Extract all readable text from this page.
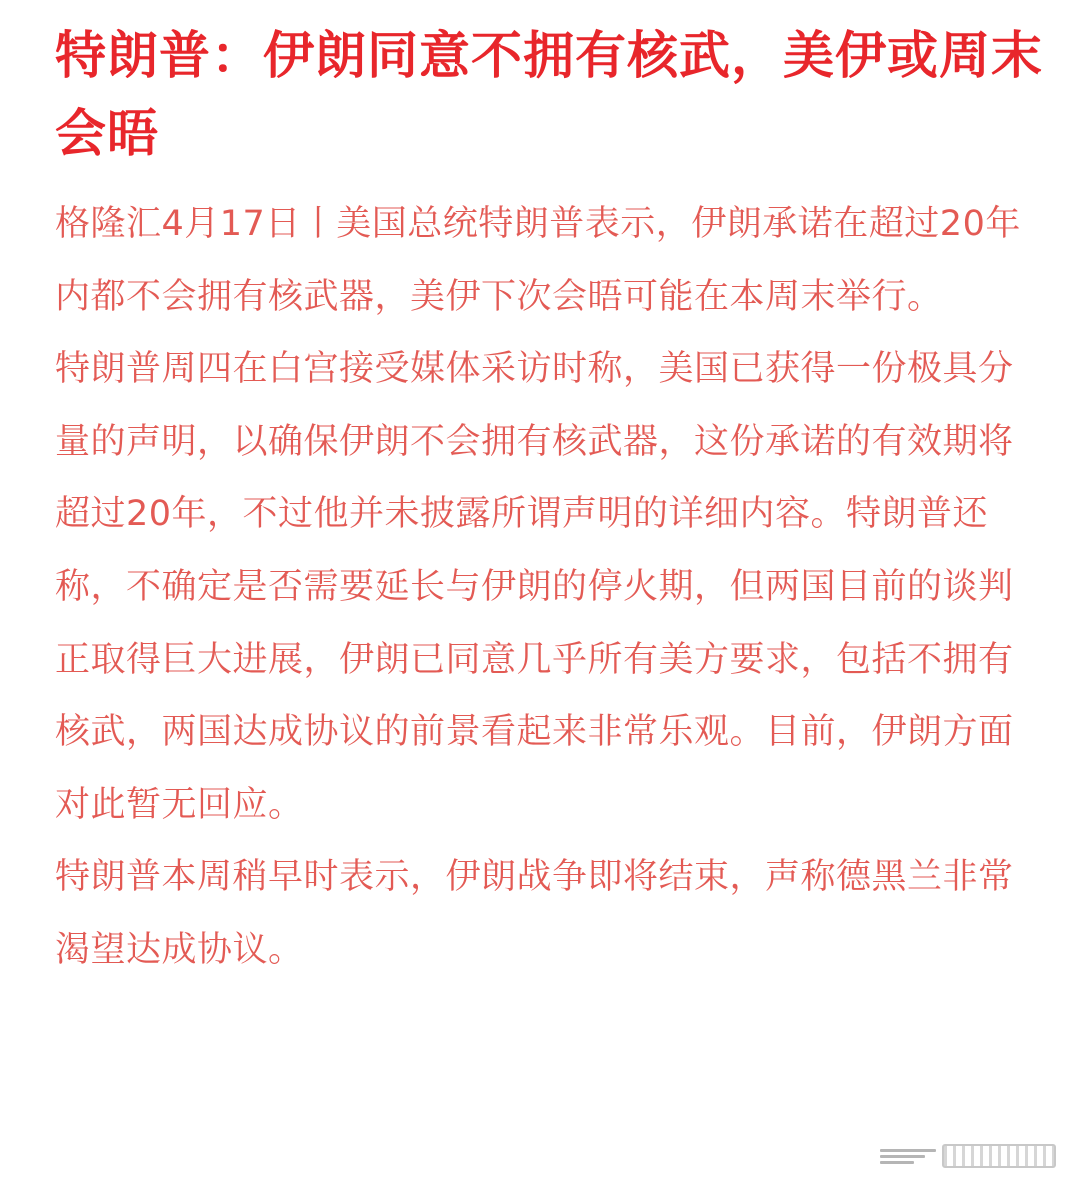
特朗普：伊朗同意不拥有核武，美伊或周末会晤

格隆汇4月17日丨美国总统特朗普表示，伊朗承诺在超过20年内都不会拥有核武器，美伊下次会晤可能在本周末举行。

特朗普周四在白宫接受媒体采访时称，美国已获得一份极具分量的声明，以确保伊朗不会拥有核武器，这份承诺的有效期将超过20年，不过他并未披露所谓声明的详细内容。特朗普还称，不确定是否需要延长与伊朗的停火期，但两国目前的谈判正取得巨大进展，伊朗已同意几乎所有美方要求，包括不拥有核武，两国达成协议的前景看起来非常乐观。目前，伊朗方面对此暂无回应。

特朗普本周稍早时表示，伊朗战争即将结束，声称德黑兰非常渴望达成协议。
